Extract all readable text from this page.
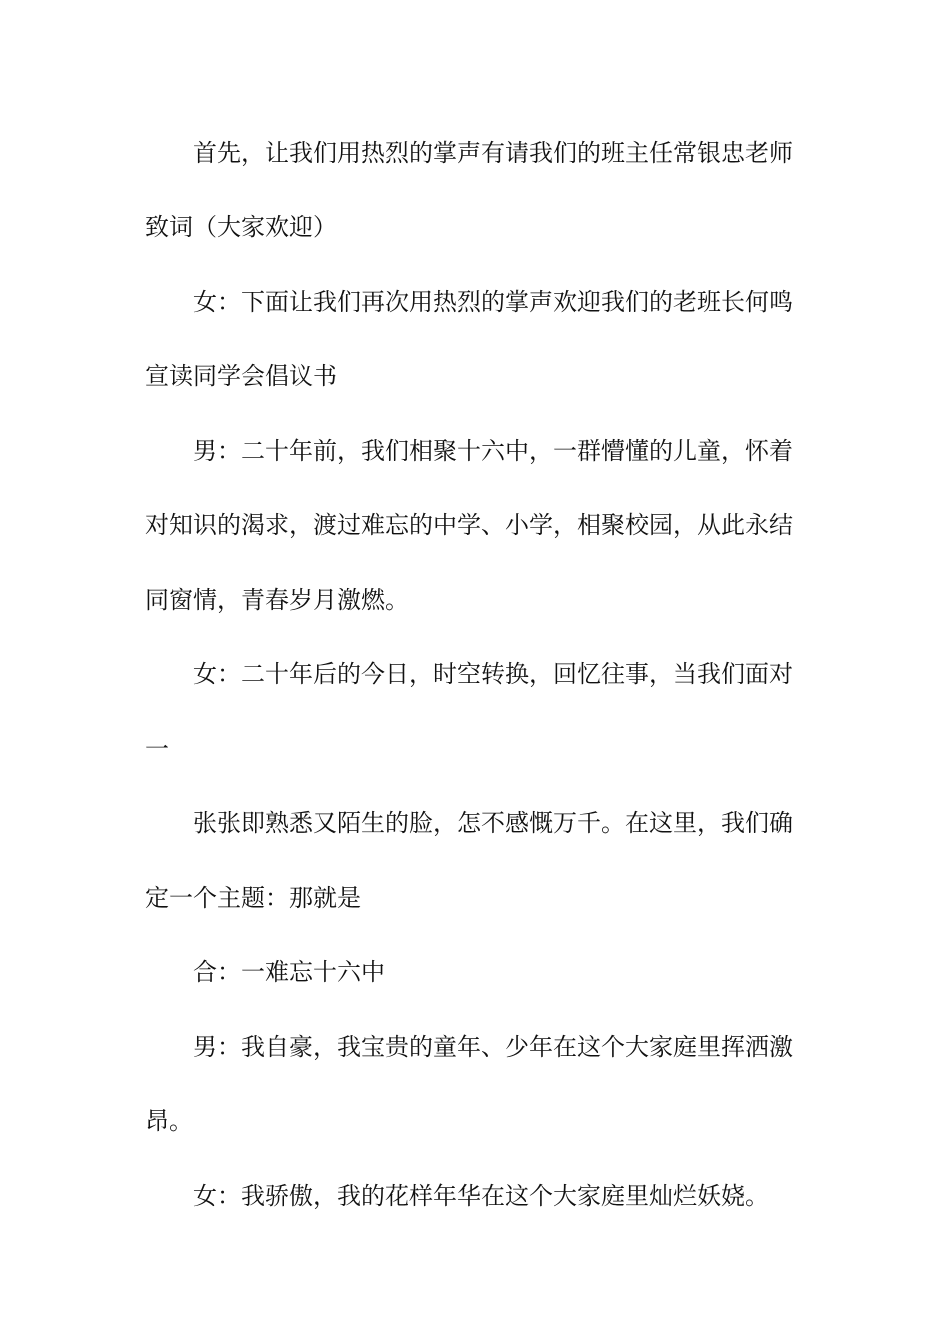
首先，让我们用热烈的掌声有请我们的班主任常银忠老师
致词（大家欢迎）
女：下面让我们再次用热烈的掌声欢迎我们的老班长何鸣
宣读同学会倡议书
男：二十年前，我们相聚十六中，一群懵懂的儿童，怀着
对知识的渴求，渡过难忘的中学、小学，相聚校园，从此永结
同窗情，青春岁月激燃。
女：二十年后的今日，时空转换，回忆往事，当我们面对
一
张张即熟悉又陌生的脸，怎不感慨万千。在这里，我们确
定一个主题：那就是
合：一难忘十六中
男：我自豪，我宝贵的童年、少年在这个大家庭里挥洒激
昂。
女：我骄傲，我的花样年华在这个大家庭里灿烂妖娆。
